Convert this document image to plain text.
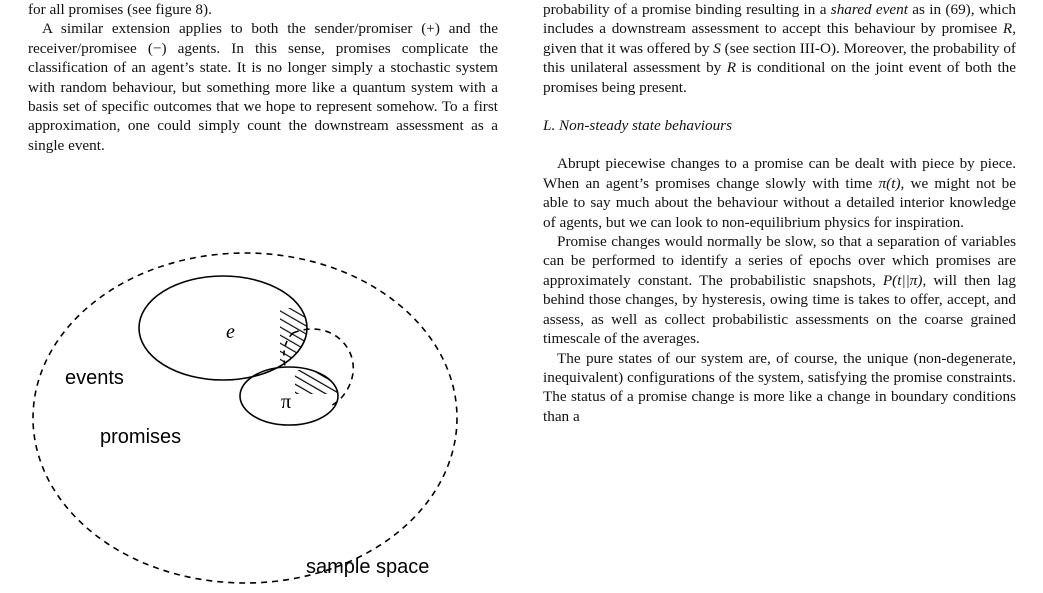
for all promises (see figure 8).

A similar extension applies to both the sender/promiser (+) and the receiver/promisee (−) agents. In this sense, promises complicate the classification of an agent’s state. It is no longer simply a stochastic system with random behaviour, but something more like a quantum system with a basis set of specific outcomes that we hope to represent somehow. To a first approximation, one could simply count the downstream assessment as a single event.

e
π
events
promises
sample space

probability of a promise binding resulting in a shared event as in (69), which includes a downstream assessment to accept this behaviour by promisee R, given that it was offered by S (see section III-O). Moreover, the probability of this unilateral assessment by R is conditional on the joint event of both the promises being present.

L. Non-steady state behaviours

Abrupt piecewise changes to a promise can be dealt with piece by piece. When an agent’s promises change slowly with time π(t), we might not be able to say much about the behaviour without a detailed interior knowledge of agents, but we can look to non-equilibrium physics for inspiration.

Promise changes would normally be slow, so that a separation of variables can be performed to identify a series of epochs over which promises are approximately constant. The probabilistic snapshots, P(t||π), will then lag behind those changes, by hysteresis, owing time is takes to offer, accept, and assess, as well as collect probabilistic assessments on the coarse grained timescale of the averages.

The pure states of our system are, of course, the unique (non-degenerate, inequivalent) configurations of the system, satisfying the promise constraints. The status of a promise change is more like a change in boundary conditions than a
